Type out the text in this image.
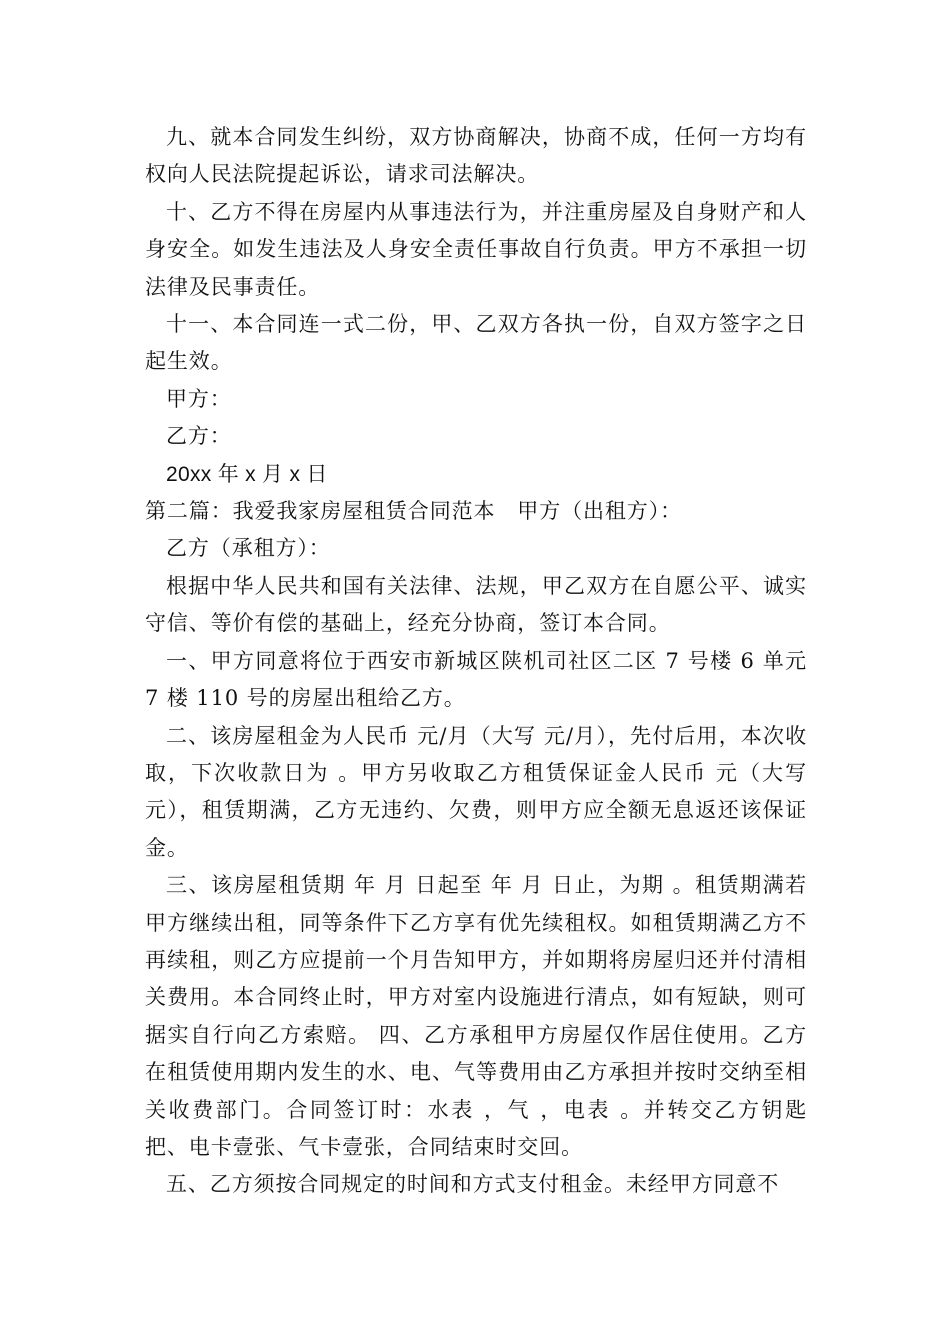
九、就本合同发生纠纷，双方协商解决，协商不成，任何一方均有权向人民法院提起诉讼，请求司法解决。

十、乙方不得在房屋内从事违法行为，并注重房屋及自身财产和人身安全。如发生违法及人身安全责任事故自行负责。甲方不承担一切法律及民事责任。

十一、本合同连一式二份，甲、乙双方各执一份，自双方签字之日起生效。

甲方：

乙方：

20xx 年 x 月 x 日

第二篇：我爱我家房屋租赁合同范本　甲方（出租方）：

乙方（承租方）：

根据中华人民共和国有关法律、法规，甲乙双方在自愿公平、诚实守信、等价有偿的基础上，经充分协商，签订本合同。

一、甲方同意将位于西安市新城区陕机司社区二区 7 号楼 6 单元 7 楼 110 号的房屋出租给乙方。

二、该房屋租金为人民币 元/月（大写 元/月），先付后用，本次收取，下次收款日为 。甲方另收取乙方租赁保证金人民币 元（大写 元），租赁期满，乙方无违约、欠费，则甲方应全额无息返还该保证金。

三、该房屋租赁期 年 月 日起至 年 月 日止，为期 。租赁期满若甲方继续出租，同等条件下乙方享有优先续租权。如租赁期满乙方不再续租，则乙方应提前一个月告知甲方，并如期将房屋归还并付清相关费用。本合同终止时，甲方对室内设施进行清点，如有短缺，则可据实自行向乙方索赔。 四、乙方承租甲方房屋仅作居住使用。乙方在租赁使用期内发生的水、电、气等费用由乙方承担并按时交纳至相关收费部门。合同签订时：水表 ，气 ，电表 。并转交乙方钥匙 把、电卡壹张、气卡壹张，合同结束时交回。

五、乙方须按合同规定的时间和方式支付租金。未经甲方同意不
